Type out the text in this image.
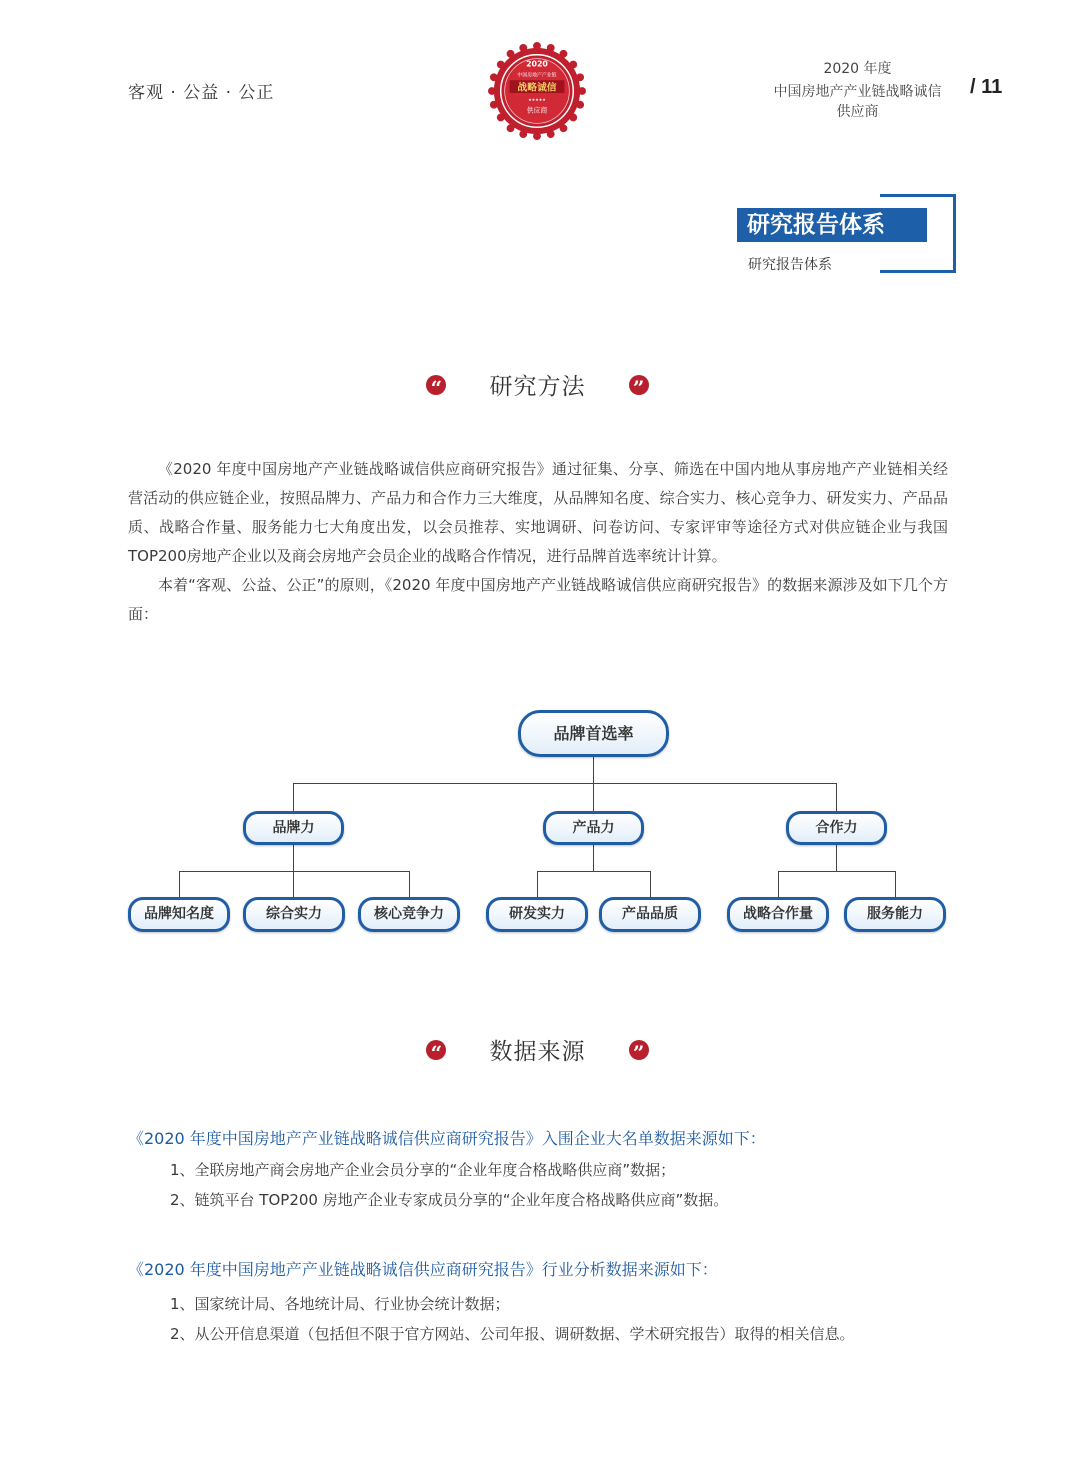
客观 · 公益 · 公正
2020
中国房地产产业链
战略诚信
★★★★★
供应商
2020 年度
中国房地产产业链战略诚信
供应商
/ 11
研究报告体系
研究报告体系
“ 研究方法 ”

《2020 年度中国房地产产业链战略诚信供应商研究报告》通过征集、分享、筛选在中国内地从事房地产产业链相关经营活动的供应链企业，按照品牌力、产品力和合作力三大维度，从品牌知名度、综合实力、核心竞争力、研发实力、产品品质、战略合作量、服务能力七大角度出发，以会员推荐、实地调研、问卷访问、专家评审等途径方式对供应链企业与我国TOP200房地产企业以及商会房地产会员企业的战略合作情况，进行品牌首选率统计计算。

本着“客观、公益、公正”的原则，《2020 年度中国房地产产业链战略诚信供应商研究报告》的数据来源涉及如下几个方面：

品牌首选率
品牌力	产品力	合作力
品牌知名度	综合实力	核心竞争力	研发实力	产品品质	战略合作量	服务能力
“ 数据来源 ”
《2020 年度中国房地产产业链战略诚信供应商研究报告》入围企业大名单数据来源如下：
1、全联房地产商会房地产企业会员分享的“企业年度合格战略供应商”数据；
2、链筑平台 TOP200 房地产企业专家成员分享的“企业年度合格战略供应商”数据。
《2020 年度中国房地产产业链战略诚信供应商研究报告》行业分析数据来源如下：
1、国家统计局、各地统计局、行业协会统计数据；
2、从公开信息渠道（包括但不限于官方网站、公司年报、调研数据、学术研究报告）取得的相关信息。
